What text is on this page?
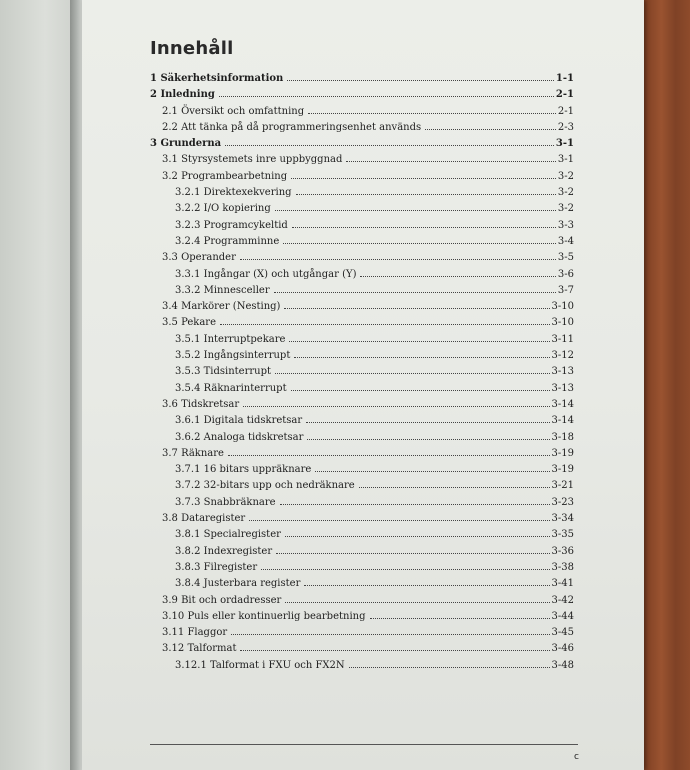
Innehåll
1 Säkerhetsinformation	1-1
2 Inledning	2-1
2.1 Översikt och omfattning	2-1
2.2 Att tänka på då programmeringsenhet används	2-3
3 Grunderna	3-1
3.1 Styrsystemets inre uppbyggnad	3-1
3.2 Programbearbetning	3-2
3.2.1 Direktexekvering	3-2
3.2.2 I/O kopiering	3-2
3.2.3 Programcykeltid	3-3
3.2.4 Programminne	3-4
3.3 Operander	3-5
3.3.1 Ingångar (X) och utgångar (Y)	3-6
3.3.2 Minnesceller	3-7
3.4 Markörer (Nesting)	3-10
3.5 Pekare	3-10
3.5.1 Interruptpekare	3-11
3.5.2 Ingångsinterrupt	3-12
3.5.3 Tidsinterrupt	3-13
3.5.4 Räknarinterrupt	3-13
3.6 Tidskretsar	3-14
3.6.1 Digitala tidskretsar	3-14
3.6.2 Analoga tidskretsar	3-18
3.7 Räknare	3-19
3.7.1 16 bitars uppräknare	3-19
3.7.2 32-bitars upp och nedräknare	3-21
3.7.3 Snabbräknare	3-23
3.8 Dataregister	3-34
3.8.1 Specialregister	3-35
3.8.2 Indexregister	3-36
3.8.3 Filregister	3-38
3.8.4 Justerbara register	3-41
3.9 Bit och ordadresser	3-42
3.10 Puls eller kontinuerlig bearbetning	3-44
3.11 Flaggor	3-45
3.12 Talformat	3-46
3.12.1 Talformat i FXU och FX2N	3-48
c
